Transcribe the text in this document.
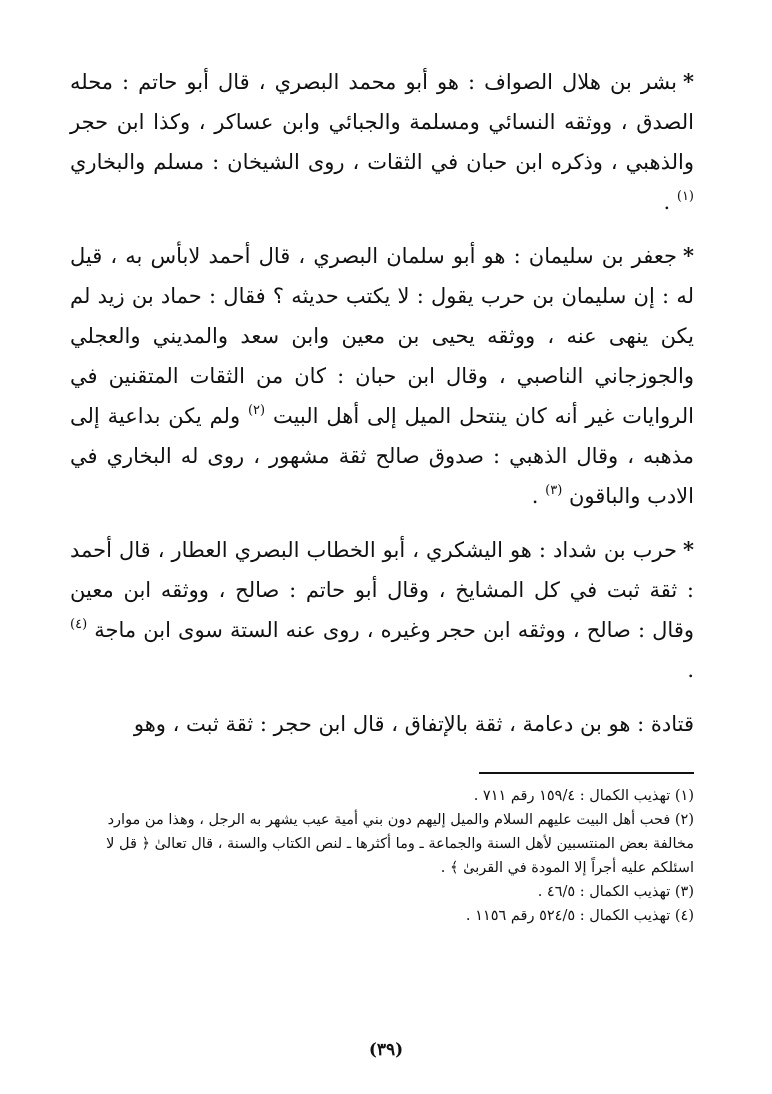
*بشر بن هلال الصواف : هو أبو محمد البصري ، قال أبو حاتم : محله الصدق ، ووثقه النسائي ومسلمة والجبائي وابن عساكر ، وكذا ابن حجر والذهبي ، وذكره ابن حبان في الثقات ، روى الشيخان : مسلم والبخاري $^{(١)}$ .

*جعفر بن سليمان : هو أبو سلمان البصري ، قال أحمد لابأس به ، قيل له : إن سليمان بن حرب يقول : لا يكتب حديثه ؟ فقال : حماد بن زيد لم يكن ينهى عنه ، ووثقه يحيى بن معين وابن سعد والمديني والعجلي والجوزجاني الناصبي ، وقال ابن حبان : كان من الثقات المتقنين في الروايات غير أنه كان ينتحل الميل إلى أهل البيت $^{(٢)}$ ولم يكن بداعية إلى مذهبه ، وقال الذهبي : صدوق صالح ثقة مشهور ، روى له البخاري في الادب والباقون $^{(٣)}$ .

*حرب بن شداد : هو اليشكري ، أبو الخطاب البصري العطار ، قال أحمد : ثقة ثبت في كل المشايخ ، وقال أبو حاتم : صالح ، ووثقه ابن معين وقال : صالح ، ووثقه ابن حجر وغيره ، روى عنه الستة سوى ابن ماجة $^{(٤)}$ .

قتادة : هو بن دعامة ، ثقة بالإتفاق ، قال ابن حجر : ثقة ثبت ، وهو

(١) تهذيب الكمال : ١٥٩/٤ رقم ٧١١ .
(٢) فحب أهل البيت عليهم السلام والميل إليهم دون بني أمية عيب يشهر به الرجل ، وهذا من موارد مخالفة بعض المنتسبين لأهل السنة والجماعة ـ وما أكثرها ـ لنص الكتاب والسنة ، قال تعالىٰ ﴿ قل لا اسئلكم عليه أجراً إلا المودة في القربىٰ ﴾ .
(٣) تهذيب الكمال : ٤٦/٥ .
(٤) تهذيب الكمال : ٥٢٤/٥ رقم ١١٥٦ .
(٣٩)
